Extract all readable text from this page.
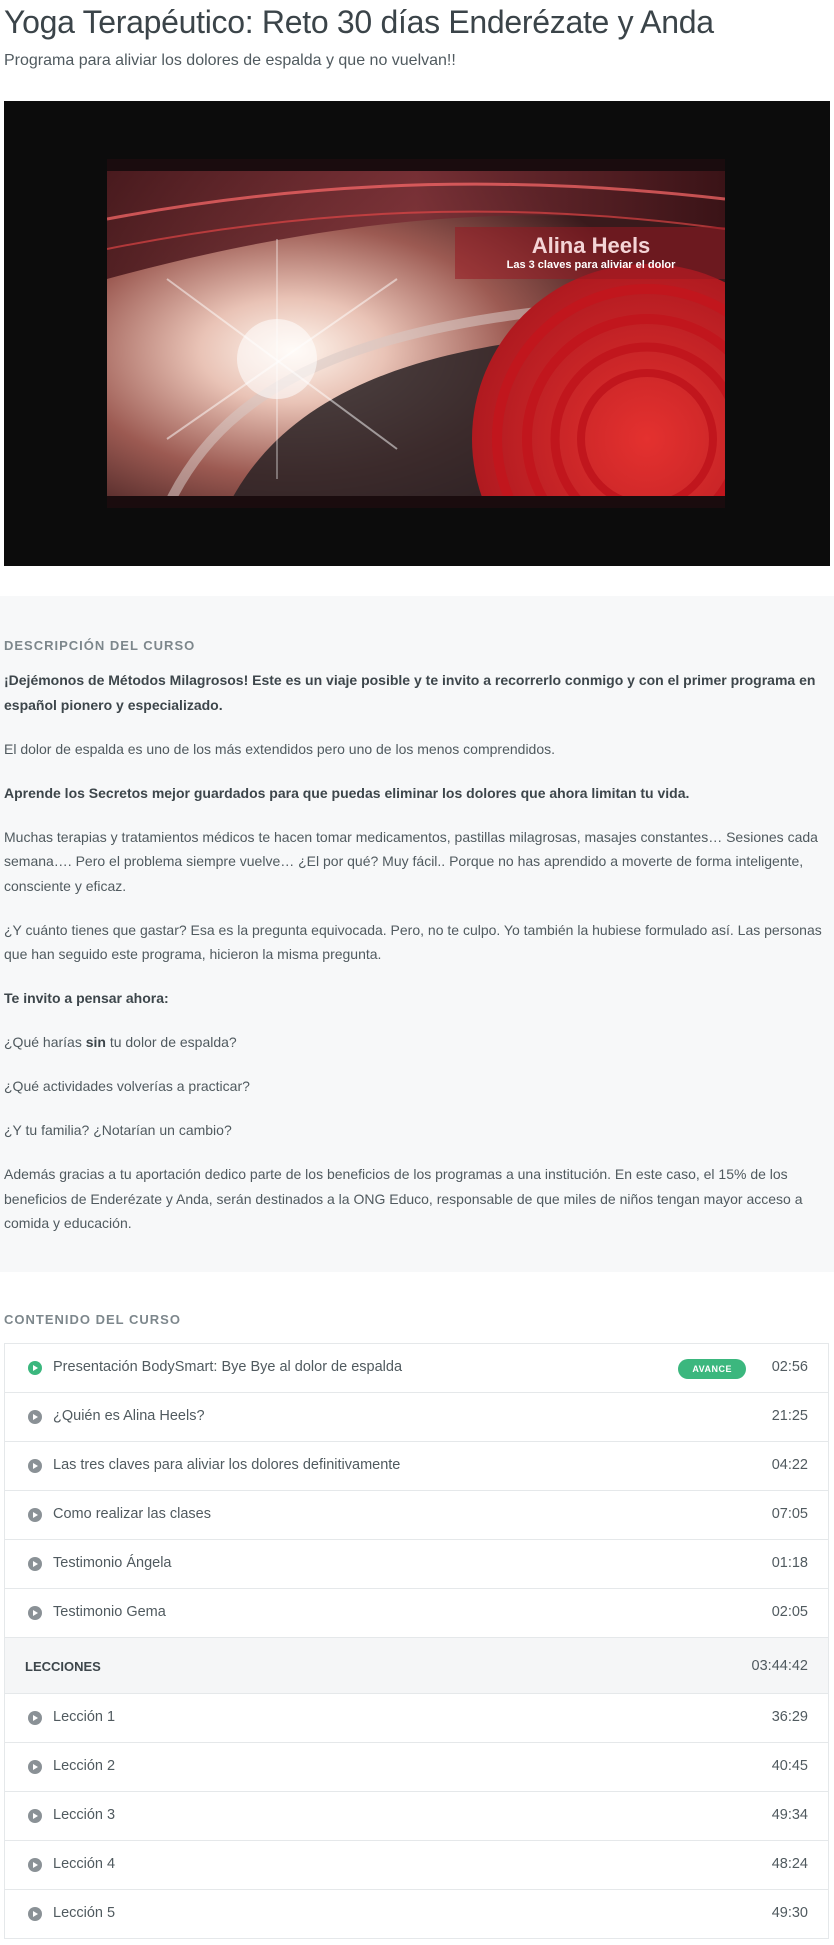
Yoga Terapéutico: Reto 30 días Enderézate y Anda
Programa para aliviar los dolores de espalda y que no vuelvan!!
Alina Heels
Las 3 claves para aliviar el dolor
DESCRIPCIÓN DEL CURSO

¡Dejémonos de Métodos Milagrosos! Este es un viaje posible y te invito a recorrerlo conmigo y con el primer programa en español pionero y especializado.

El dolor de espalda es uno de los más extendidos pero uno de los menos comprendidos.

Aprende los Secretos mejor guardados para que puedas eliminar los dolores que ahora limitan tu vida.

Muchas terapias y tratamientos médicos te hacen tomar medicamentos, pastillas milagrosas, masajes constantes… Sesiones cada semana…. Pero el problema siempre vuelve… ¿El por qué? Muy fácil.. Porque no has aprendido a moverte de forma inteligente, consciente y eficaz.

¿Y cuánto tienes que gastar? Esa es la pregunta equivocada. Pero, no te culpo. Yo también la hubiese formulado así. Las personas que han seguido este programa, hicieron la misma pregunta.

Te invito a pensar ahora:

¿Qué harías sin tu dolor de espalda?

¿Qué actividades volverías a practicar?

¿Y tu familia? ¿Notarían un cambio?

Además gracias a tu aportación dedico parte de los beneficios de los programas a una institución. En este caso, el 15% de los beneficios de Enderézate y Anda, serán destinados a la ONG Educo, responsable de que miles de niños tengan mayor acceso a comida y educación.

CONTENIDO DEL CURSO
Presentación BodySmart: Bye Bye al dolor de espalda	AVANCE	02:56
¿Quién es Alina Heels?	21:25
Las tres claves para aliviar los dolores definitivamente	04:22
Como realizar las clases	07:05
Testimonio Ángela	01:18
Testimonio Gema	02:05
LECCIONES	03:44:42
Lección 1	36:29
Lección 2	40:45
Lección 3	49:34
Lección 4	48:24
Lección 5	49:30
